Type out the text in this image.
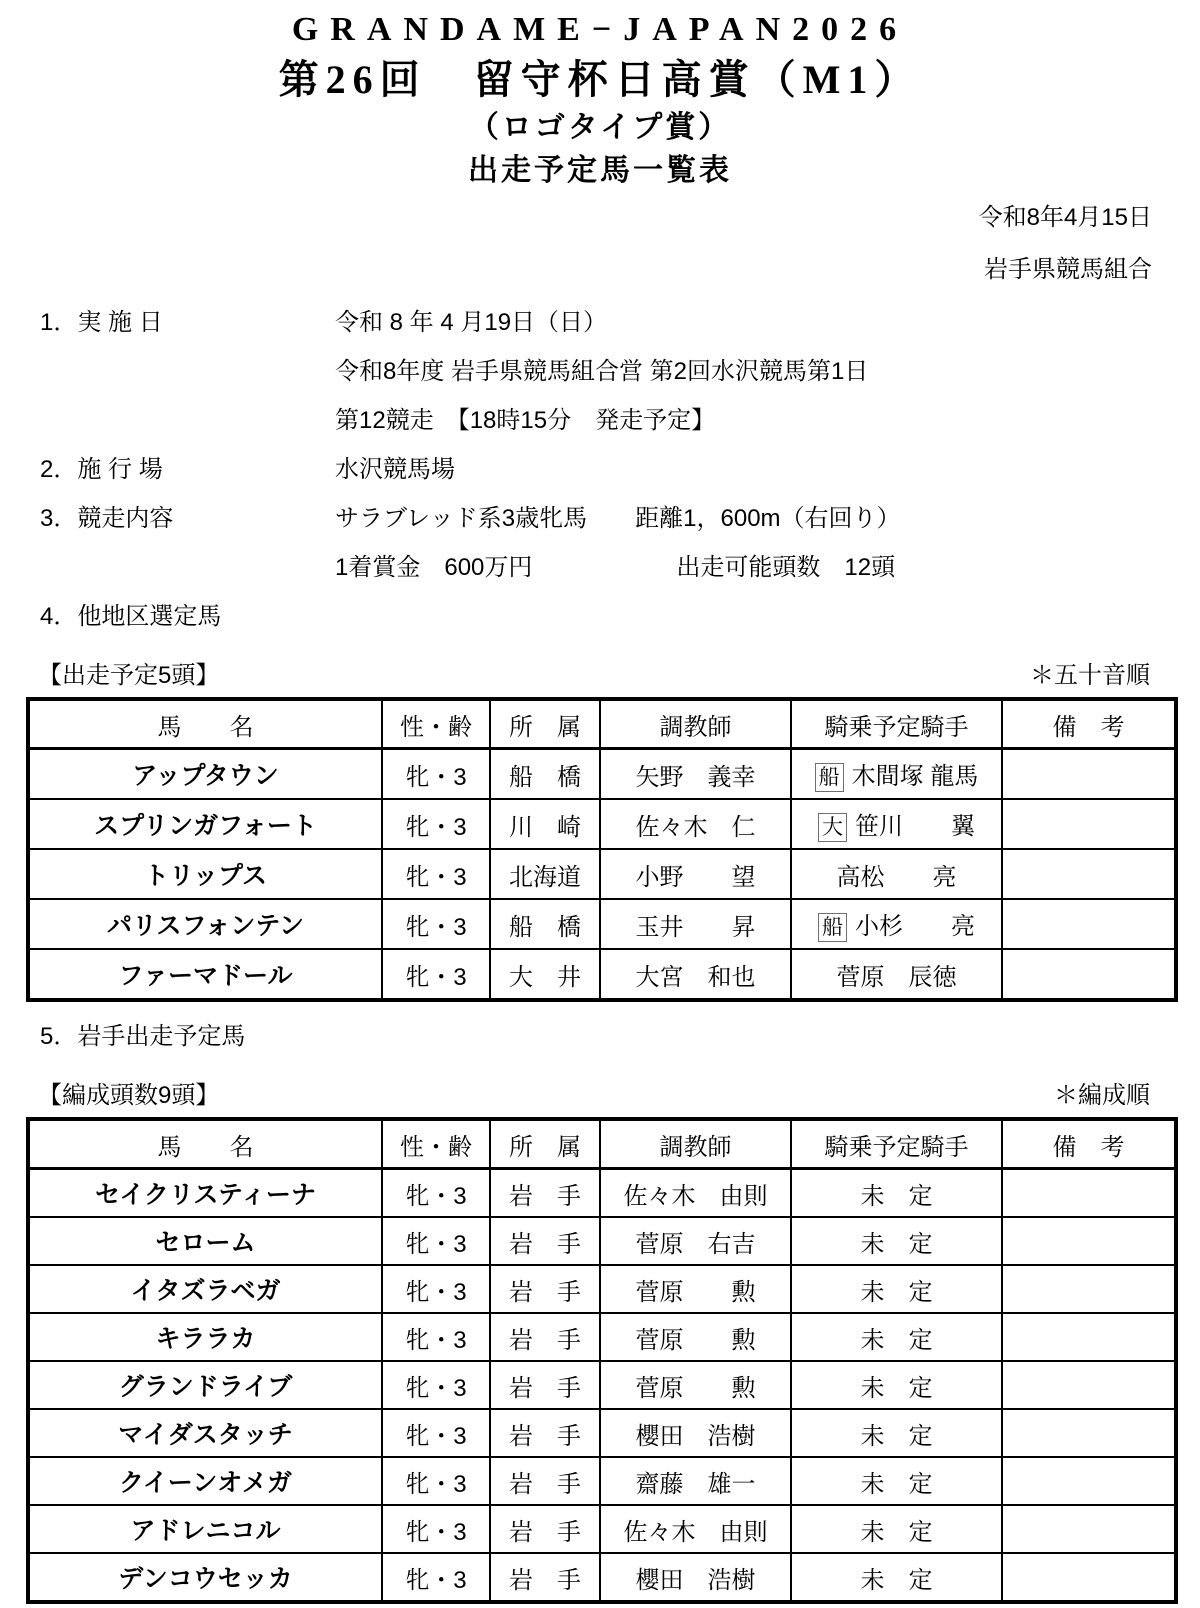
GRANDAME−JAPAN2026
第26回　留守杯日高賞（M1）
（ロゴタイプ賞）
出走予定馬一覧表
令和8年4月15日
岩手県競馬組合
1．実 施 日	令和 8 年 4 月19日（日）
令和8年度 岩手県競馬組合営 第2回水沢競馬第1日
第12競走　【18時15分　発走予定】
2．施 行 場	水沢競馬場
3．競走内容	サラブレッド系3歳牝馬　　距離1，600m（右回り）
1着賞金　600万円　　　　　　出走可能頭数　12頭
4．他地区選定馬
【出走予定5頭】	＊五十音順
馬　　名	性・齢	所　属	調教師	騎乗予定騎手	備　考
アップタウン	牝・3	船　橋	矢野　義幸	船 木間塚 龍馬	
スプリンガフォート	牝・3	川　崎	佐々木　仁	大 笹川　　翼	
トリップス	牝・3	北海道	小野　　望	高松　　亮	
パリスフォンテン	牝・3	船　橋	玉井　　昇	船 小杉　　亮	
ファーマドール	牝・3	大　井	大宮　和也	菅原　辰徳	
5．岩手出走予定馬
【編成頭数9頭】	＊編成順
馬　　名	性・齢	所　属	調教師	騎乗予定騎手	備　考
セイクリスティーナ	牝・3	岩　手	佐々木　由則	未　定	
セローム	牝・3	岩　手	菅原　右吉	未　定	
イタズラベガ	牝・3	岩　手	菅原　　勲	未　定	
キララカ	牝・3	岩　手	菅原　　勲	未　定	
グランドライブ	牝・3	岩　手	菅原　　勲	未　定	
マイダスタッチ	牝・3	岩　手	櫻田　浩樹	未　定	
クイーンオメガ	牝・3	岩　手	齋藤　雄一	未　定	
アドレニコル	牝・3	岩　手	佐々木　由則	未　定	
デンコウセッカ	牝・3	岩　手	櫻田　浩樹	未　定	
